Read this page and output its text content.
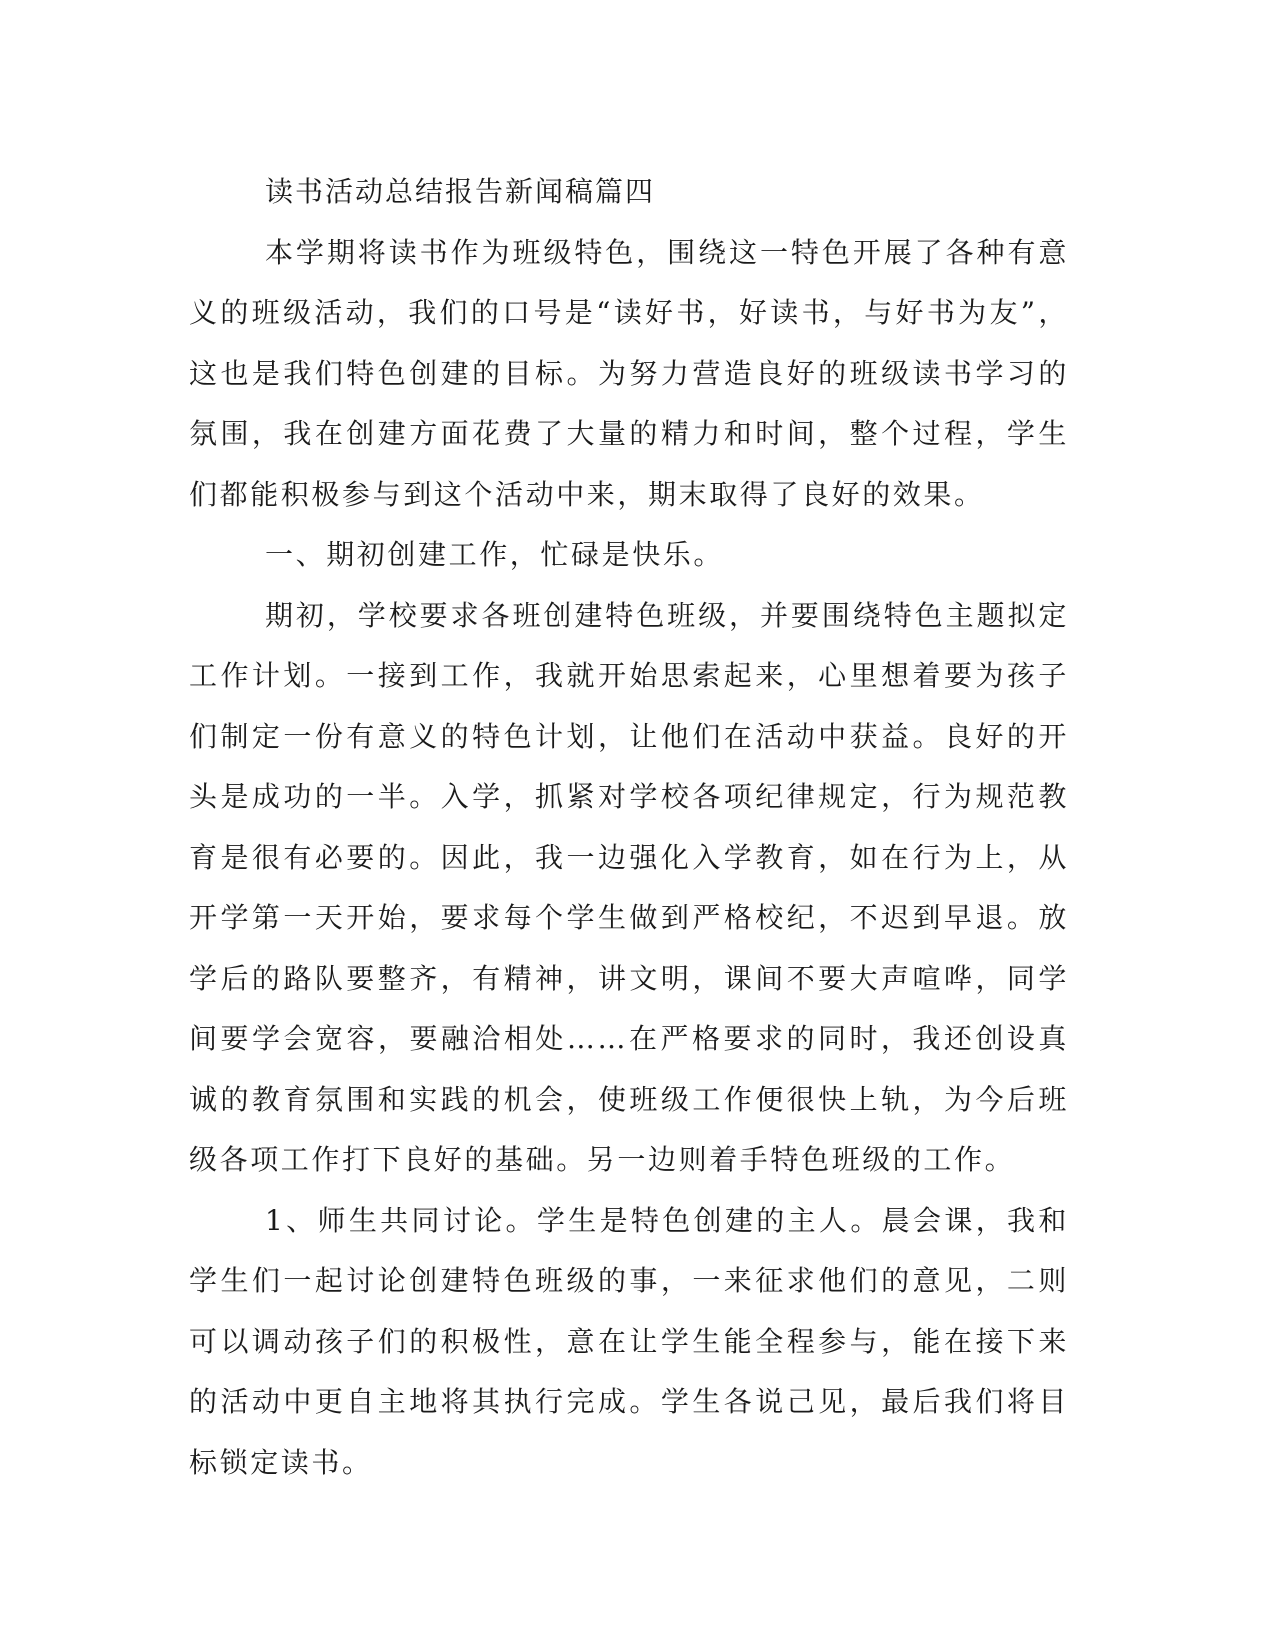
读书活动总结报告新闻稿篇四

本学期将读书作为班级特色，围绕这一特色开展了各种有意义的班级活动，我们的口号是“读好书，好读书，与好书为友”，这也是我们特色创建的目标。为努力营造良好的班级读书学习的氛围，我在创建方面花费了大量的精力和时间，整个过程，学生们都能积极参与到这个活动中来，期末取得了良好的效果。

一、期初创建工作，忙碌是快乐。

期初，学校要求各班创建特色班级，并要围绕特色主题拟定工作计划。一接到工作，我就开始思索起来，心里想着要为孩子们制定一份有意义的特色计划，让他们在活动中获益。良好的开头是成功的一半。入学，抓紧对学校各项纪律规定，行为规范教育是很有必要的。因此，我一边强化入学教育，如在行为上，从开学第一天开始，要求每个学生做到严格校纪，不迟到早退。放学后的路队要整齐，有精神，讲文明，课间不要大声喧哗，同学间要学会宽容，要融洽相处……在严格要求的同时，我还创设真诚的教育氛围和实践的机会，使班级工作便很快上轨，为今后班级各项工作打下良好的基础。另一边则着手特色班级的工作。

1、师生共同讨论。学生是特色创建的主人。晨会课，我和学生们一起讨论创建特色班级的事，一来征求他们的意见，二则可以调动孩子们的积极性，意在让学生能全程参与，能在接下来的活动中更自主地将其执行完成。学生各说己见，最后我们将目标锁定读书。
